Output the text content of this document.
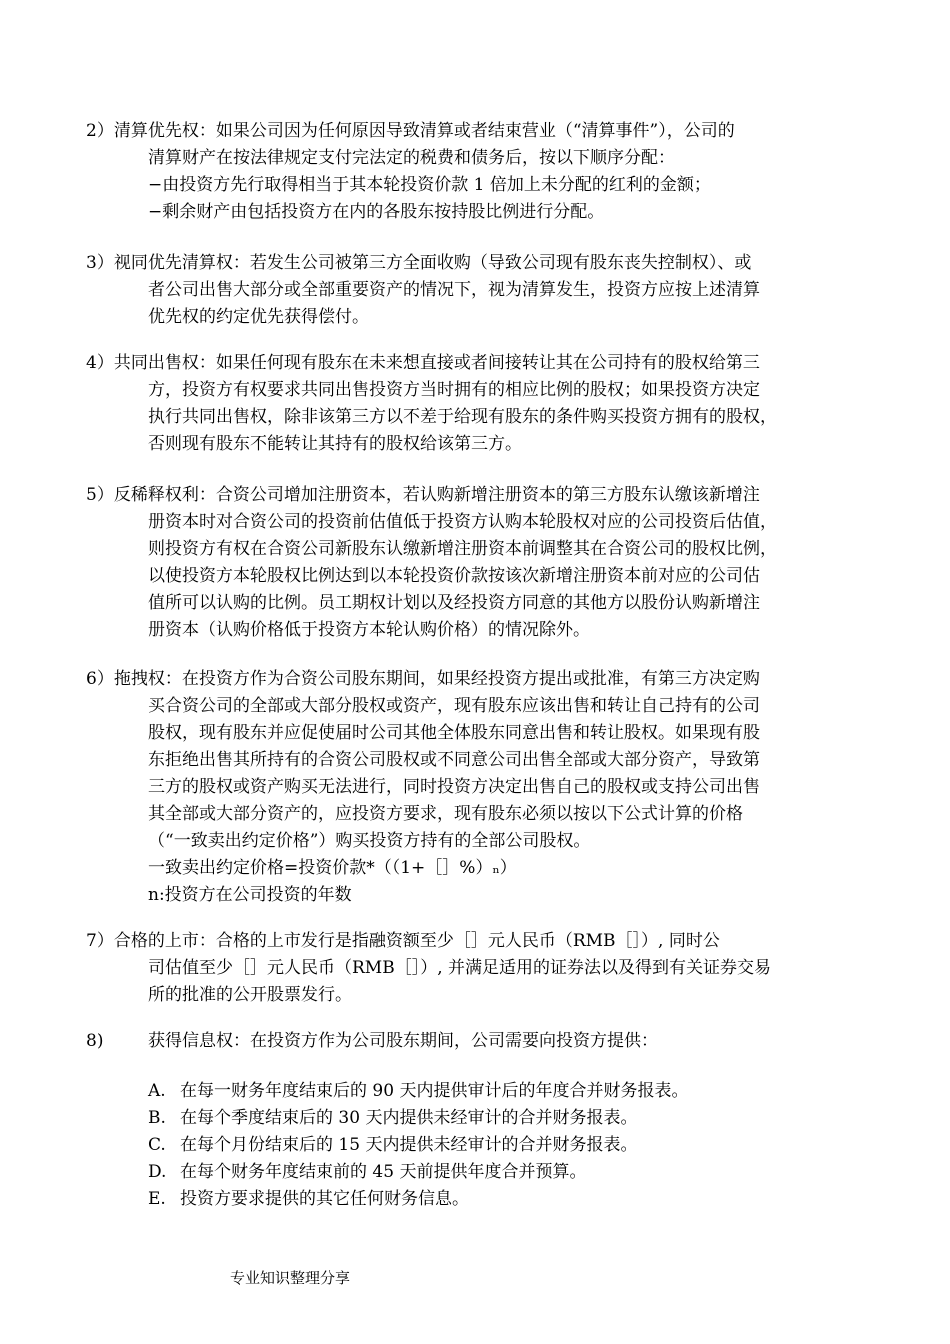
2）清算优先权：如果公司因为任何原因导致清算或者结束营业（“清算事件”），公司的
清算财产在按法律规定支付完法定的税费和债务后，按以下顺序分配：
−由投资方先行取得相当于其本轮投资价款 1 倍加上未分配的红利的金额；
−剩余财产由包括投资方在内的各股东按持股比例进行分配。
3）视同优先清算权：若发生公司被第三方全面收购（导致公司现有股东丧失控制权）、或
者公司出售大部分或全部重要资产的情况下，视为清算发生，投资方应按上述清算
优先权的约定优先获得偿付。
4）共同出售权：如果任何现有股东在未来想直接或者间接转让其在公司持有的股权给第三
方，投资方有权要求共同出售投资方当时拥有的相应比例的股权；如果投资方决定
执行共同出售权，除非该第三方以不差于给现有股东的条件购买投资方拥有的股权，
否则现有股东不能转让其持有的股权给该第三方。
5）反稀释权利：合资公司增加注册资本，若认购新增注册资本的第三方股东认缴该新增注
册资本时对合资公司的投资前估值低于投资方认购本轮股权对应的公司投资后估值，
则投资方有权在合资公司新股东认缴新增注册资本前调整其在合资公司的股权比例，
以使投资方本轮股权比例达到以本轮投资价款按该次新增注册资本前对应的公司估
值所可以认购的比例。员工期权计划以及经投资方同意的其他方以股份认购新增注
册资本（认购价格低于投资方本轮认购价格）的情况除外。
6）拖拽权：在投资方作为合资公司股东期间，如果经投资方提出或批准，有第三方决定购
买合资公司的全部或大部分股权或资产，现有股东应该出售和转让自己持有的公司
股权，现有股东并应促使届时公司其他全体股东同意出售和转让股权。如果现有股
东拒绝出售其所持有的合资公司股权或不同意公司出售全部或大部分资产，导致第
三方的股权或资产购买无法进行，同时投资方决定出售自己的股权或支持公司出售
其全部或大部分资产的，应投资方要求，现有股东必须以按以下公式计算的价格
（“一致卖出约定价格”）购买投资方持有的全部公司股权。
一致卖出约定价格=投资价款*（（1+［］%）ₙ）
n:投资方在公司投资的年数
7）合格的上市：合格的上市发行是指融资额至少［］元人民币（RMB［］）, 同时公
司估值至少［］元人民币（RMB［］）, 并满足适用的证券法以及得到有关证券交易
所的批准的公开股票发行。
8)	获得信息权：在投资方作为公司股东期间，公司需要向投资方提供：
A. 在每一财务年度结束后的 90 天内提供审计后的年度合并财务报表。
B. 在每个季度结束后的 30 天内提供未经审计的合并财务报表。
C. 在每个月份结束后的 15 天内提供未经审计的合并财务报表。
D. 在每个财务年度结束前的 45 天前提供年度合并预算。
E. 投资方要求提供的其它任何财务信息。
专业知识整理分享
